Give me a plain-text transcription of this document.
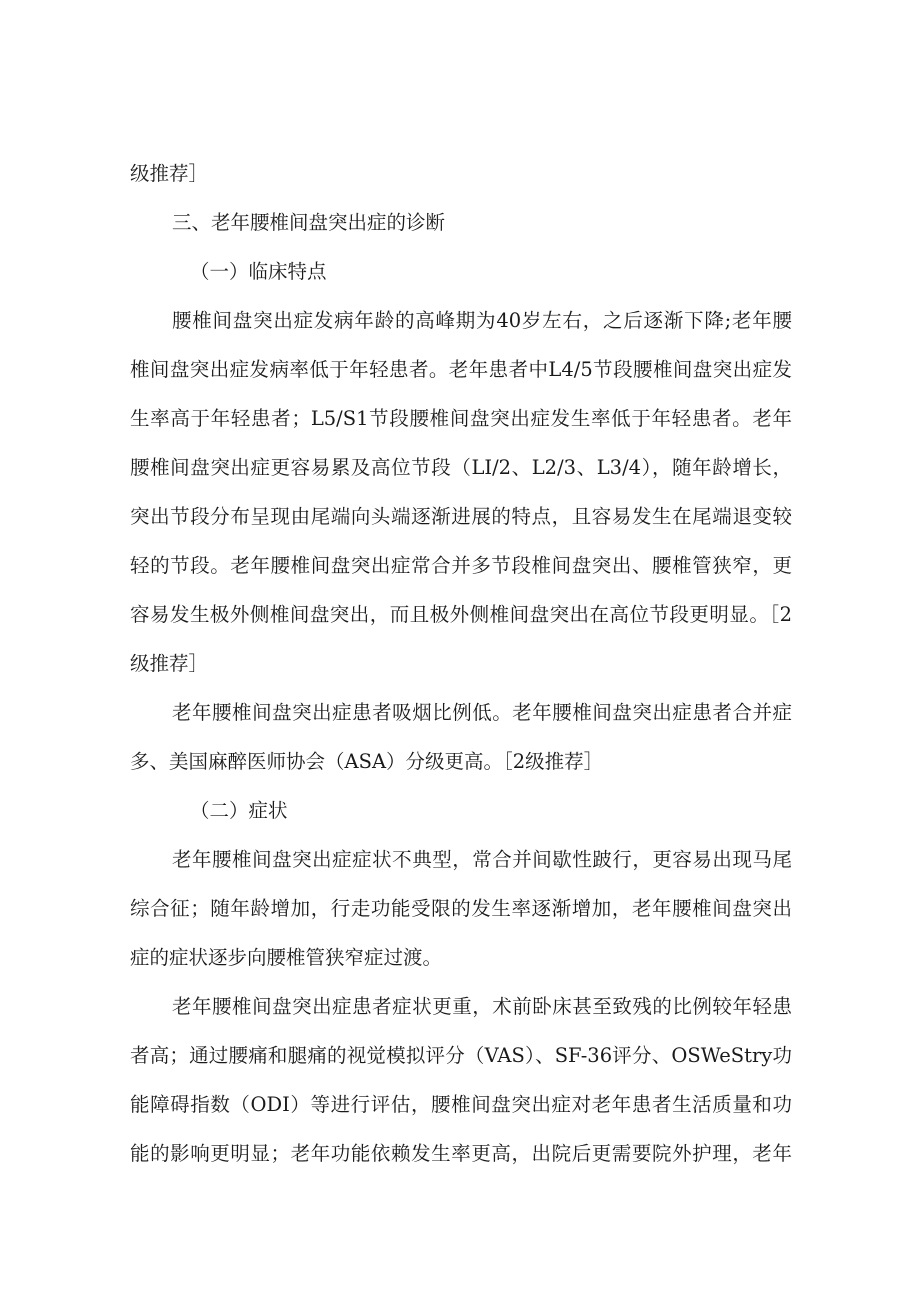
级推荐］
三、老年腰椎间盘突出症的诊断
（一）临床特点
腰椎间盘突出症发病年龄的高峰期为40岁左右，之后逐渐下降;老年腰
椎间盘突出症发病率低于年轻患者。老年患者中L4/5节段腰椎间盘突出症发
生率高于年轻患者；L5/S1节段腰椎间盘突出症发生率低于年轻患者。老年
腰椎间盘突出症更容易累及高位节段（LI/2、L2/3、L3/4），随年龄增长，
突出节段分布呈现由尾端向头端逐渐进展的特点，且容易发生在尾端退变较
轻的节段。老年腰椎间盘突出症常合并多节段椎间盘突出、腰椎管狭窄，更
容易发生极外侧椎间盘突出，而且极外侧椎间盘突出在高位节段更明显。［2
级推荐］
老年腰椎间盘突出症患者吸烟比例低。老年腰椎间盘突出症患者合并症
多、美国麻醉医师协会（ASA）分级更高。［2级推荐］
（二）症状
老年腰椎间盘突出症症状不典型，常合并间歇性跛行，更容易出现马尾
综合征；随年龄增加，行走功能受限的发生率逐渐增加，老年腰椎间盘突出
症的症状逐步向腰椎管狭窄症过渡。
老年腰椎间盘突出症患者症状更重，术前卧床甚至致残的比例较年轻患
者高；通过腰痛和腿痛的视觉模拟评分（VAS）、SF-36评分、OSWeStry功
能障碍指数（ODI）等进行评估，腰椎间盘突出症对老年患者生活质量和功
能的影响更明显；老年功能依赖发生率更高，出院后更需要院外护理，老年
